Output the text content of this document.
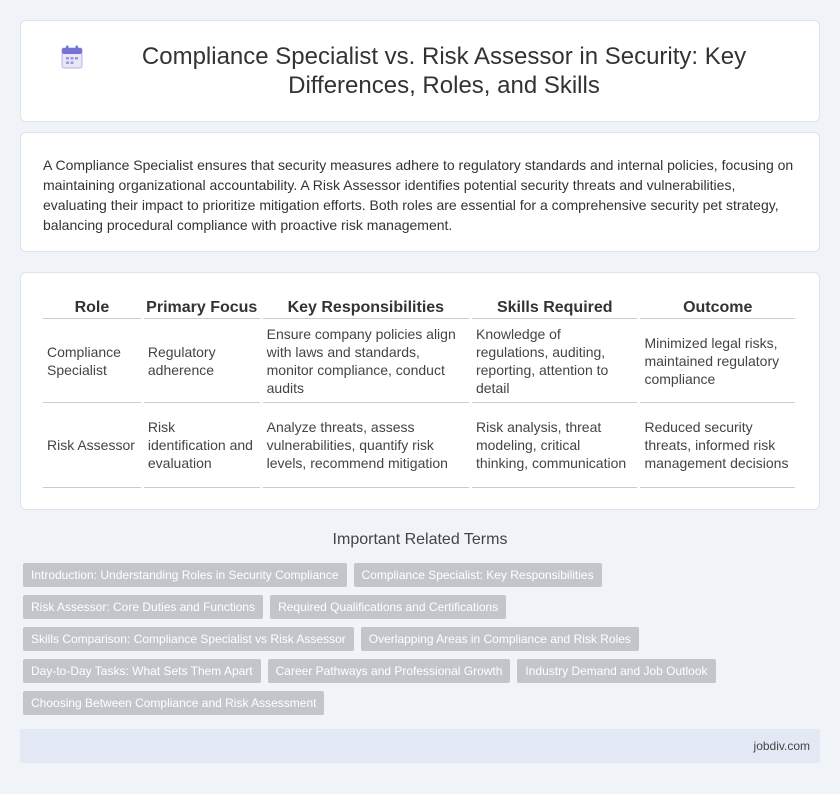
Compliance Specialist vs. Risk Assessor in Security: Key Differences, Roles, and Skills

A Compliance Specialist ensures that security measures adhere to regulatory standards and internal policies, focusing on maintaining organizational accountability. A Risk Assessor identifies potential security threats and vulnerabilities, evaluating their impact to prioritize mitigation efforts. Both roles are essential for a comprehensive security pet strategy, balancing procedural compliance with proactive risk management.

Role	Primary Focus	Key Responsibilities	Skills Required	Outcome
Compliance Specialist	Regulatory adherence	Ensure company policies align with laws and standards, monitor compliance, conduct audits	Knowledge of regulations, auditing, reporting, attention to detail	Minimized legal risks, maintained regulatory compliance
Risk Assessor	Risk identification and evaluation	Analyze threats, assess vulnerabilities, quantify risk levels, recommend mitigation	Risk analysis, threat modeling, critical thinking, communication	Reduced security threats, informed risk management decisions
Important Related Terms
Introduction: Understanding Roles in Security Compliance	Compliance Specialist: Key Responsibilities
Risk Assessor: Core Duties and Functions	Required Qualifications and Certifications
Skills Comparison: Compliance Specialist vs Risk Assessor	Overlapping Areas in Compliance and Risk Roles
Day-to-Day Tasks: What Sets Them Apart	Career Pathways and Professional Growth	Industry Demand and Job Outlook
Choosing Between Compliance and Risk Assessment
jobdiv.com
